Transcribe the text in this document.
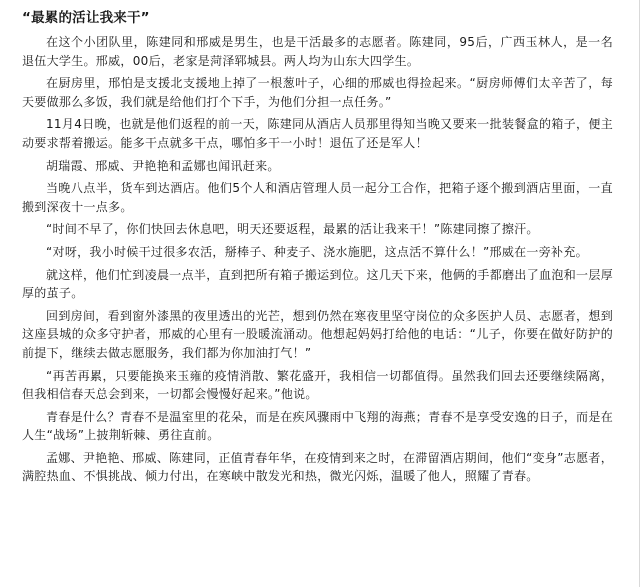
“最累的活让我来干”
在这个小团队里，陈建同和邢威是男生，也是干活最多的志愿者。陈建同，95后，广西玉林人，是一名退伍大学生。邢威，00后，老家是菏泽郓城县。两人均为山东大四学生。
在厨房里，邢怕是支援北支援地上掉了一根葱叶子，心细的邢威也得捡起来。“厨房师傅们太辛苦了，每天要做那么多饭，我们就是给他们打个下手，为他们分担一点任务。”
11月4日晚，也就是他们返程的前一天，陈建同从酒店人员那里得知当晚又要来一批装餐盒的箱子，便主动要求帮着搬运。能多干点就多干点，哪怕多干一小时！退伍了还是军人！
胡瑞霞、邢威、尹艳艳和孟娜也闻讯赶来。
当晚八点半，货车到达酒店。他们5个人和酒店管理人员一起分工合作，把箱子逐个搬到酒店里面，一直搬到深夜十一点多。
“时间不早了，你们快回去休息吧，明天还要返程，最累的活让我来干！”陈建同擦了擦汗。
“对呀，我小时候干过很多农活，掰棒子、种麦子、浇水施肥，这点活不算什么！”邢威在一旁补充。
就这样，他们忙到凌晨一点半，直到把所有箱子搬运到位。这几天下来，他俩的手都磨出了血泡和一层厚厚的茧子。
回到房间，看到窗外漆黑的夜里透出的光芒，想到仍然在寒夜里坚守岗位的众多医护人员、志愿者，想到这座县城的众多守护者，邢威的心里有一股暖流涌动。他想起妈妈打给他的电话：“儿子，你要在做好防护的前提下，继续去做志愿服务，我们都为你加油打气！”
“再苦再累，只要能换来玉雍的疫情消散、繁花盛开，我相信一切都值得。虽然我们回去还要继续隔离，但我相信春天总会到来，一切都会慢慢好起来。”他说。
青春是什么？青春不是温室里的花朵，而是在疾风骤雨中飞翔的海燕；青春不是享受安逸的日子，而是在人生“战场”上披荆斩棘、勇往直前。
孟娜、尹艳艳、邢威、陈建同，正值青春年华，在疫情到来之时，在滞留酒店期间，他们“变身”志愿者，满腔热血、不惧挑战、倾力付出，在寒峡中散发光和热，微光闪烁，温暖了他人，照耀了青春。
